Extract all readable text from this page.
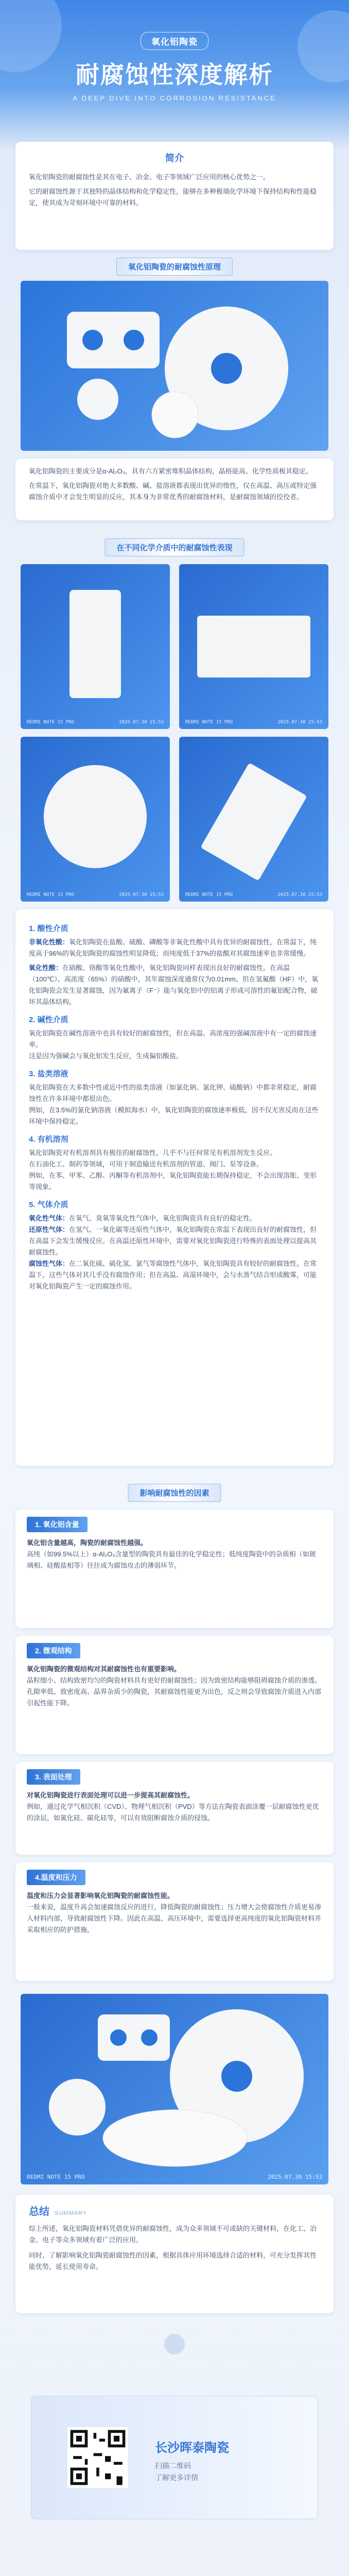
氧化铝陶瓷
耐腐蚀性深度解析
A DEEP DIVE INTO CORROSION RESISTANCE
简介

氧化铝陶瓷的耐腐蚀性是其在电子、冶金、电子等领域广泛应用的核心优势之一。

它的耐腐蚀性源于其独特的晶体结构和化学稳定性，能够在多种极端化学环境下保持结构和性能稳定，使其成为苛刻环境中可靠的材料。

氧化铝陶瓷的耐腐蚀性原理

氧化铝陶瓷的主要成分是α-Al₂O₃，具有六方紧密堆积晶体结构，晶格能高、化学性质极其稳定。

在常温下，氧化铝陶瓷对绝大多数酸、碱、盐溶液都表现出优异的惰性，仅在高温、高压或特定强腐蚀介质中才会发生明显的反应，其本身为非常优秀的耐腐蚀材料，是耐腐蚀领域的佼佼者。

在不同化学介质中的耐腐蚀性表现
REDMI NOTE 15 PRO	2025.07.30 15:53	REDMI NOTE 15 PRO	2025.07.30 15:53
REDMI NOTE 15 PRO	2025.07.30 15:53	REDMI NOTE 15 PRO	2025.07.30 15:53
1. 酸性介质

非氧化性酸：氧化铝陶瓷在盐酸、硫酸、磷酸等非氧化性酸中具有优异的耐腐蚀性，在常温下，纯度高于96%的氧化铝陶瓷的腐蚀性明显降低；而纯度低于37%的盐酸对其腐蚀速率也非常缓慢。

氧化性酸：在硝酸、铬酸等氧化性酸中，氧化铝陶瓷同样表现出良好的耐腐蚀性。在高温（100℃）、高浓度（65%）的硝酸中，其年腐蚀深度通常仅为0.01mm。但在氢氟酸（HF）中，氧化铝陶瓷会发生显著腐蚀，因为氟离子（F⁻）能与氧化铝中的铝离子形成可溶性的氟铝配合物，破坏其晶体结构。

2. 碱性介质

氧化铝陶瓷在碱性溶液中也具有较好的耐腐蚀性，但在高温、高浓度的强碱溶液中有一定的腐蚀速率。

这是因为强碱会与氧化铝发生反应，生成偏铝酸盐。

3. 盐类溶液

氧化铝陶瓷在大多数中性或近中性的盐类溶液（如氯化钠、氯化钾、硫酸钠）中都非常稳定，耐腐蚀性在许多环境中都很出色。

例如，在3.5%的氯化钠溶液（模拟海水）中，氧化铝陶瓷的腐蚀速率极低，因不仅无害反而在这些环境中保持稳定。

4. 有机溶剂

氧化铝陶瓷对有机溶剂具有极佳的耐腐蚀性，几乎不与任何常见有机溶剂发生反应。

在石油化工、制药等领域，可用于制造输送有机溶剂的管道、阀门、泵等设备。

例如，在苯、甲苯、乙醇、丙酮等有机溶剂中，氧化铝陶瓷能长期保持稳定，不会出现溶胀、变形等现象。

5. 气体介质

氧化性气体：在氧气、臭氧等氧化性气体中，氧化铝陶瓷具有良好的稳定性。

还原性气体：在氢气、一氧化碳等还原性气体中，氧化铝陶瓷在常温下表现出良好的耐腐蚀性，但在高温下会发生缓慢反应。在高温还原性环境中，需要对氧化铝陶瓷进行特殊的表面处理以提高其耐腐蚀性。

腐蚀性气体：在二氧化硫、硫化氢、氯气等腐蚀性气体中，氧化铝陶瓷具有较好的耐腐蚀性。在常温下，这些气体对其几乎没有腐蚀作用；但在高温、高湿环境中，会与水蒸气结合形成酸雾，可能对氧化铝陶瓷产生一定的腐蚀作用。

影响耐腐蚀性的因素
1. 氧化铝含量

氧化铝含量越高，陶瓷的耐腐蚀性越强。

高纯（如99.5%以上）α-Al₂O₃含量型的陶瓷具有最佳的化学稳定性；低纯度陶瓷中的杂质相（如玻璃相、硅酸盐相等）往往成为腐蚀攻击的薄弱环节。

2. 微观结构

氧化铝陶瓷的微观结构对其耐腐蚀性也有重要影响。

晶粒细小、结构致密均匀的陶瓷材料具有更好的耐腐蚀性；因为致密结构能够阻碍腐蚀介质的渗透。孔隙率低、致密度高、晶界杂质少的陶瓷，其耐腐蚀性能更为出色，反之则会导致腐蚀介质进入内部引起性能下降。

3. 表面处理

对氧化铝陶瓷进行表面处理可以进一步提高其耐腐蚀性。

例如，通过化学气相沉积（CVD）、物理气相沉积（PVD）等方法在陶瓷表面涂覆一层耐腐蚀性更优的涂层，如氮化硅、碳化硅等，可以有效阻断腐蚀介质的侵蚀。

4.温度和压力

温度和压力会显著影响氧化铝陶瓷的耐腐蚀性能。

一般来说，温度升高会加速腐蚀反应的进行，降低陶瓷的耐腐蚀性；压力增大会使腐蚀性介质更易渗入材料内部，导致耐腐蚀性下降。因此在高温、高压环境中，需要选择更高纯度的氧化铝陶瓷材料并采取相应的防护措施。

REDMI NOTE 15 PRO	2025.07.30 15:53
总结 SUMMARY

综上所述，氧化铝陶瓷材料凭借优异的耐腐蚀性，成为众多领域不可或缺的关键材料，在化工、冶金、电子等众多领域有着广泛的应用。

同时，了解影响氧化铝陶瓷耐腐蚀性的因素，根据具体应用环境选择合适的材料，可充分发挥其性能优势，延长使用寿命。

长沙晖泰陶瓷
扫描二维码
了解更多详情
